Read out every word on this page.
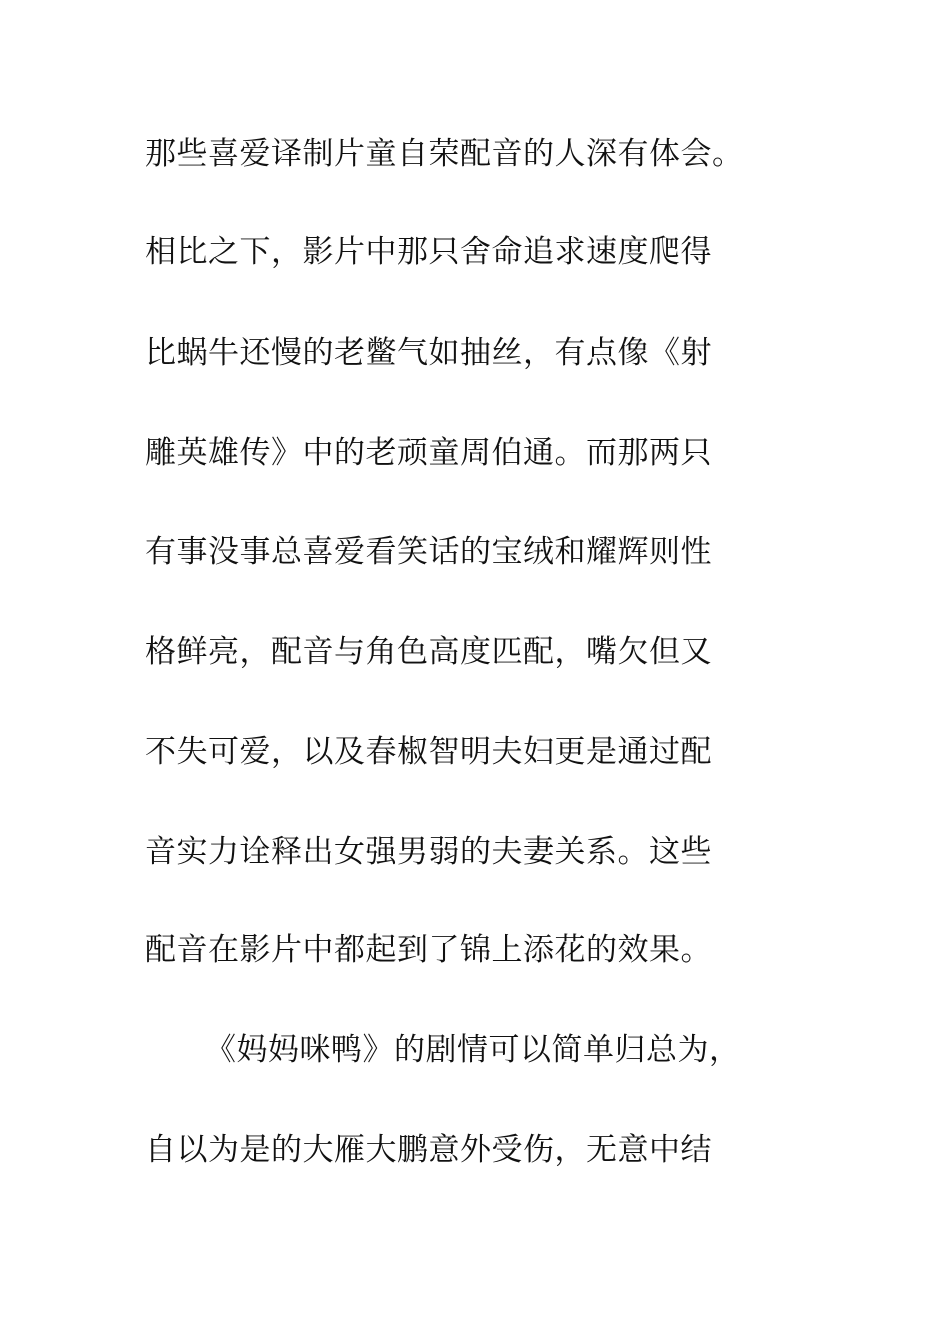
那些喜爱译制片童自荣配音的人深有体会。
相比之下，影片中那只舍命追求速度爬得
比蜗牛还慢的老鳖气如抽丝，有点像《射
雕英雄传》中的老顽童周伯通。而那两只
有事没事总喜爱看笑话的宝绒和耀辉则性
格鲜亮，配音与角色高度匹配，嘴欠但又
不失可爱，以及春椒智明夫妇更是通过配
音实力诠释出女强男弱的夫妻关系。这些
配音在影片中都起到了锦上添花的效果。
《妈妈咪鸭》的剧情可以简单归总为，
自以为是的大雁大鹏意外受伤，无意中结
